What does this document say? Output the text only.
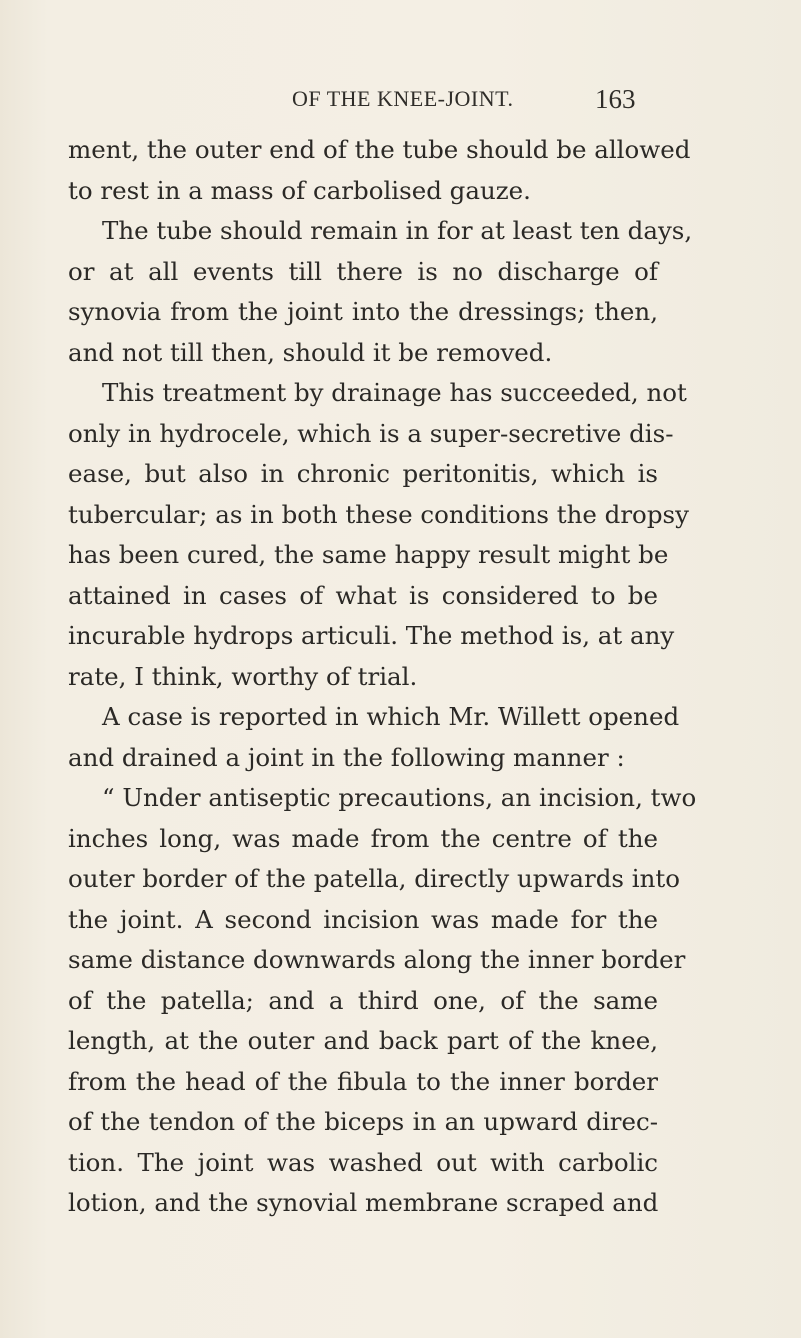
OF THE KNEE-JOINT.	163
ment, the outer end of the tube should be allowed
to rest in a mass of carbolised gauze.
The tube should remain in for at least ten days,
or at all events till there is no discharge of
synovia from the joint into the dressings; then,
and not till then, should it be removed.
This treatment by drainage has succeeded, not
only in hydrocele, which is a super-secretive dis-
ease, but also in chronic peritonitis, which is
tubercular; as in both these conditions the dropsy
has been cured, the same happy result might be
attained in cases of what is considered to be
incurable hydrops articuli. The method is, at any
rate, I think, worthy of trial.
A case is reported in which Mr. Willett opened
and drained a joint in the following manner :
“ Under antiseptic precautions, an incision, two
inches long, was made from the centre of the
outer border of the patella, directly upwards into
the joint. A second incision was made for the
same distance downwards along the inner border
of the patella; and a third one, of the same
length, at the outer and back part of the knee,
from the head of the fibula to the inner border
of the tendon of the biceps in an upward direc-
tion. The joint was washed out with carbolic
lotion, and the synovial membrane scraped and
